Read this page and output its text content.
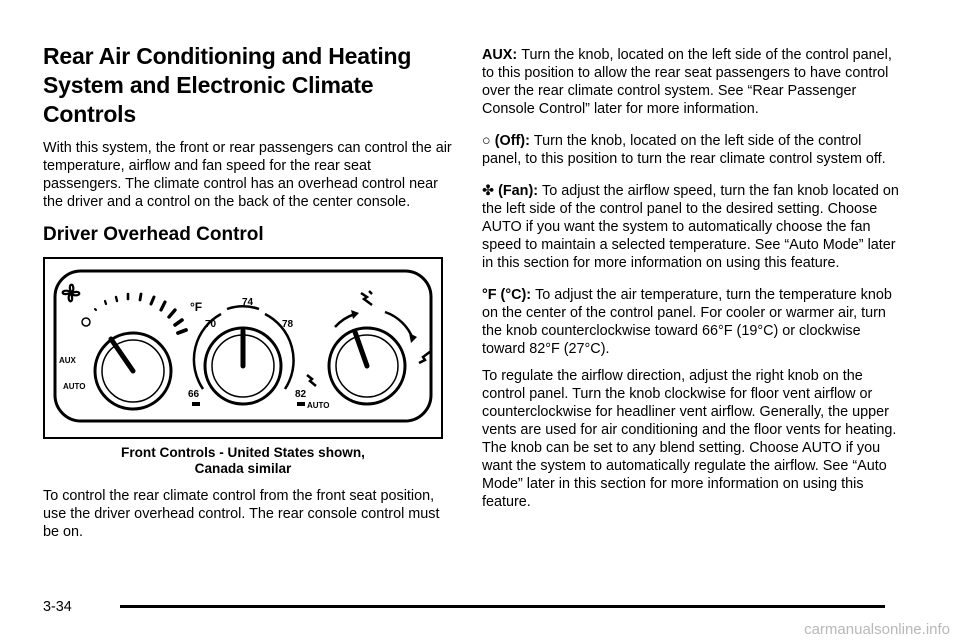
Rear Air Conditioning and Heating System and Electronic Climate Controls

With this system, the front or rear passengers can control the air temperature, airflow and fan speed for the rear seat passengers. The climate control has an overhead control near the driver and a control on the back of the center console.

Driver Overhead Control
AUX
AUTO
°F
70
74
78
66	82
AUTO
Front Controls - United States shown,
Canada similar

To control the rear climate control from the front seat position, use the driver overhead control. The rear console control must be on.

AUX: Turn the knob, located on the left side of the control panel, to this position to allow the rear seat passengers to have control over the rear climate control system. See “Rear Passenger Console Control” later for more information.

○ (Off): Turn the knob, located on the left side of the control panel, to this position to turn the rear climate control system off.

✤ (Fan): To adjust the airflow speed, turn the fan knob located on the left side of the control panel to the desired setting. Choose AUTO if you want the system to automatically choose the fan speed to maintain a selected temperature. See “Auto Mode” later in this section for more information on using this feature.

°F (°C): To adjust the air temperature, turn the temperature knob on the center of the control panel. For cooler or warmer air, turn the knob counterclockwise toward 66°F (19°C) or clockwise toward 82°F (27°C).

To regulate the airflow direction, adjust the right knob on the control panel. Turn the knob clockwise for floor vent airflow or counterclockwise for headliner vent airflow. Generally, the upper vents are used for air conditioning and the floor vents for heating. The knob can be set to any blend setting. Choose AUTO if you want the system to automatically regulate the airflow. See “Auto Mode” later in this section for more information on using this feature.

3-34
carmanualsonline.info
